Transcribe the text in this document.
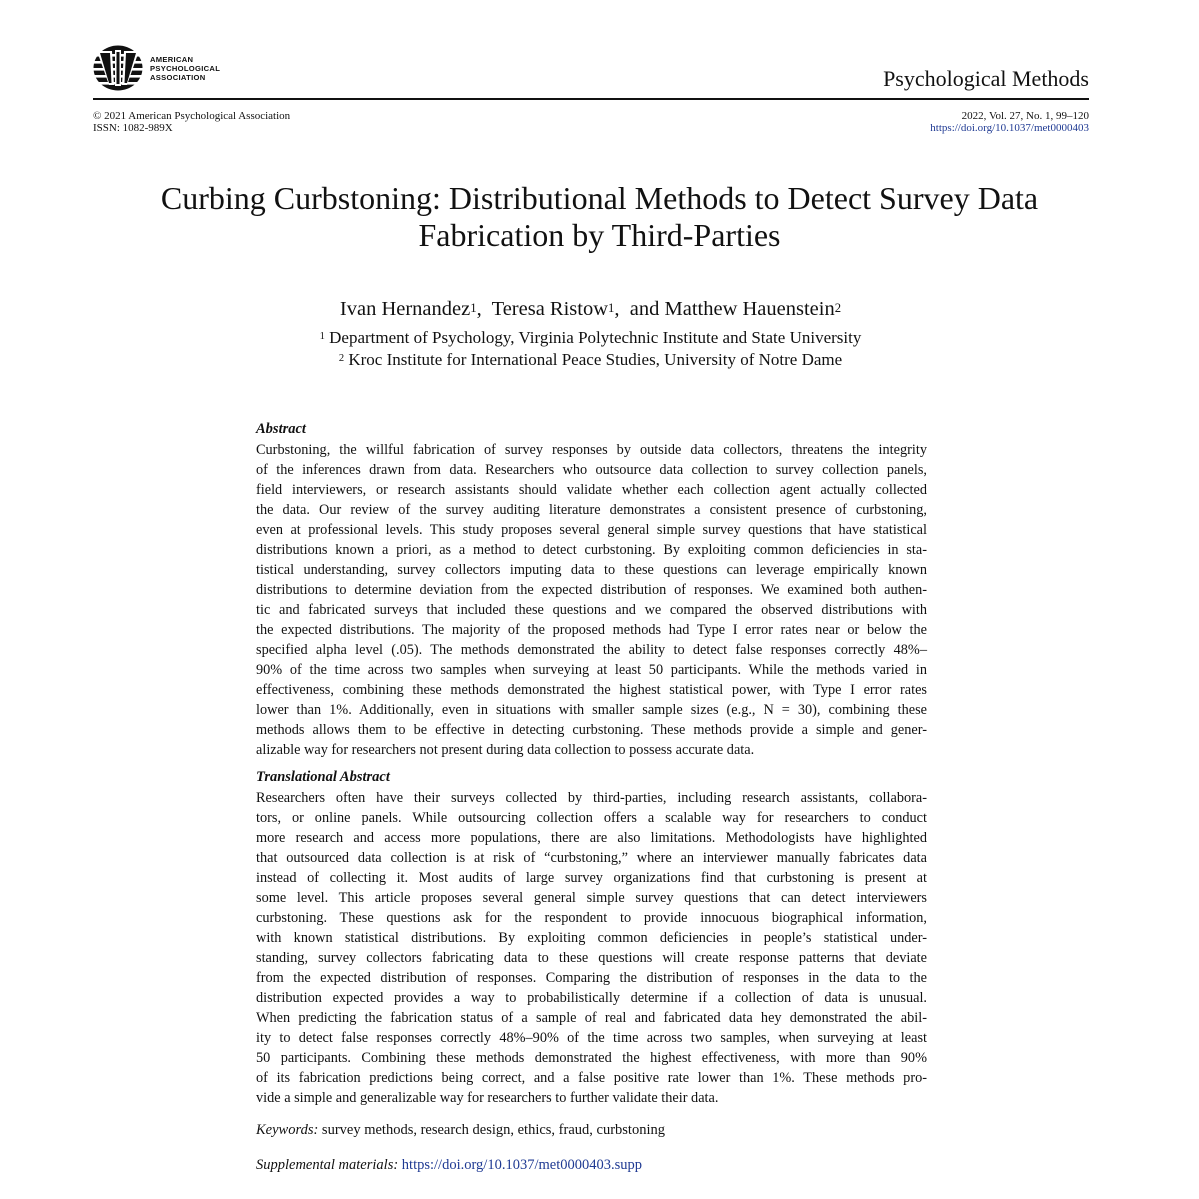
AMERICAN
PSYCHOLOGICAL
ASSOCIATION	Psychological Methods
© 2021 American Psychological Association
ISSN: 1082-989X
2022, Vol. 27, No. 1, 99–120
https://doi.org/10.1037/met0000403
Curbing Curbstoning: Distributional Methods to Detect Survey Data
Fabrication by Third-Parties
Ivan Hernandez$^1$,  Teresa Ristow$^1$,  and Matthew Hauenstein$^2$
$^1$ Department of Psychology, Virginia Polytechnic Institute and State University
$^2$ Kroc Institute for International Peace Studies, University of Notre Dame
Abstract
Curbstoning, the willful fabrication of survey responses by outside data collectors, threatens the integrity
of the inferences drawn from data. Researchers who outsource data collection to survey collection panels,
field interviewers, or research assistants should validate whether each collection agent actually collected
the data. Our review of the survey auditing literature demonstrates a consistent presence of curbstoning,
even at professional levels. This study proposes several general simple survey questions that have statistical
distributions known a priori, as a method to detect curbstoning. By exploiting common deficiencies in sta-
tistical understanding, survey collectors imputing data to these questions can leverage empirically known
distributions to determine deviation from the expected distribution of responses. We examined both authen-
tic and fabricated surveys that included these questions and we compared the observed distributions with
the expected distributions. The majority of the proposed methods had Type I error rates near or below the
specified alpha level (.05). The methods demonstrated the ability to detect false responses correctly 48%–
90% of the time across two samples when surveying at least 50 participants. While the methods varied in
effectiveness, combining these methods demonstrated the highest statistical power, with Type I error rates
lower than 1%. Additionally, even in situations with smaller sample sizes (e.g., N = 30), combining these
methods allows them to be effective in detecting curbstoning. These methods provide a simple and gener-
alizable way for researchers not present during data collection to possess accurate data.
Translational Abstract
Researchers often have their surveys collected by third-parties, including research assistants, collabora-
tors, or online panels. While outsourcing collection offers a scalable way for researchers to conduct
more research and access more populations, there are also limitations. Methodologists have highlighted
that outsourced data collection is at risk of “curbstoning,” where an interviewer manually fabricates data
instead of collecting it. Most audits of large survey organizations find that curbstoning is present at
some level. This article proposes several general simple survey questions that can detect interviewers
curbstoning. These questions ask for the respondent to provide innocuous biographical information,
with known statistical distributions. By exploiting common deficiencies in people’s statistical under-
standing, survey collectors fabricating data to these questions will create response patterns that deviate
from the expected distribution of responses. Comparing the distribution of responses in the data to the
distribution expected provides a way to probabilistically determine if a collection of data is unusual.
When predicting the fabrication status of a sample of real and fabricated data hey demonstrated the abil-
ity to detect false responses correctly 48%–90% of the time across two samples, when surveying at least
50 participants. Combining these methods demonstrated the highest effectiveness, with more than 90%
of its fabrication predictions being correct, and a false positive rate lower than 1%. These methods pro-
vide a simple and generalizable way for researchers to further validate their data.
Keywords: survey methods, research design, ethics, fraud, curbstoning
Supplemental materials: https://doi.org/10.1037/met0000403.supp
